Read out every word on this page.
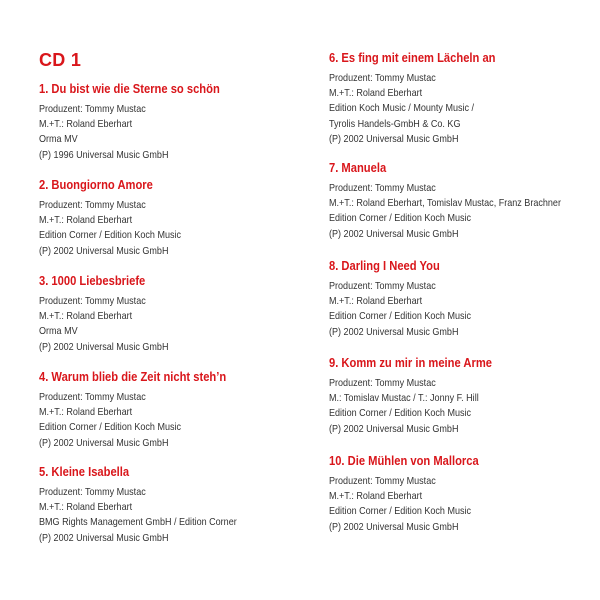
CD 1
1. Du bist wie die Sterne so schön
Produzent: Tommy Mustac
M.+T.: Roland Eberhart
Orma MV
(P) 1996 Universal Music GmbH
2. Buongiorno Amore
Produzent: Tommy Mustac
M.+T.: Roland Eberhart
Edition Corner / Edition Koch Music
(P) 2002 Universal Music GmbH
3. 1000 Liebesbriefe
Produzent: Tommy Mustac
M.+T.: Roland Eberhart
Orma MV
(P) 2002 Universal Music GmbH
4. Warum blieb die Zeit nicht steh’n
Produzent: Tommy Mustac
M.+T.: Roland Eberhart
Edition Corner / Edition Koch Music
(P) 2002 Universal Music GmbH
5. Kleine Isabella
Produzent: Tommy Mustac
M.+T.: Roland Eberhart
BMG Rights Management GmbH / Edition Corner
(P) 2002 Universal Music GmbH
6. Es fing mit einem Lächeln an
Produzent: Tommy Mustac
M.+T.: Roland Eberhart
Edition Koch Music / Mounty Music /
Tyrolis Handels-GmbH & Co. KG
(P) 2002 Universal Music GmbH
7. Manuela
Produzent: Tommy Mustac
M.+T.: Roland Eberhart, Tomislav Mustac, Franz Brachner
Edition Corner / Edition Koch Music
(P) 2002 Universal Music GmbH
8. Darling I Need You
Produzent: Tommy Mustac
M.+T.: Roland Eberhart
Edition Corner / Edition Koch Music
(P) 2002 Universal Music GmbH
9. Komm zu mir in meine Arme
Produzent: Tommy Mustac
M.: Tomislav Mustac / T.: Jonny F. Hill
Edition Corner / Edition Koch Music
(P) 2002 Universal Music GmbH
10. Die Mühlen von Mallorca
Produzent: Tommy Mustac
M.+T.: Roland Eberhart
Edition Corner / Edition Koch Music
(P) 2002 Universal Music GmbH
